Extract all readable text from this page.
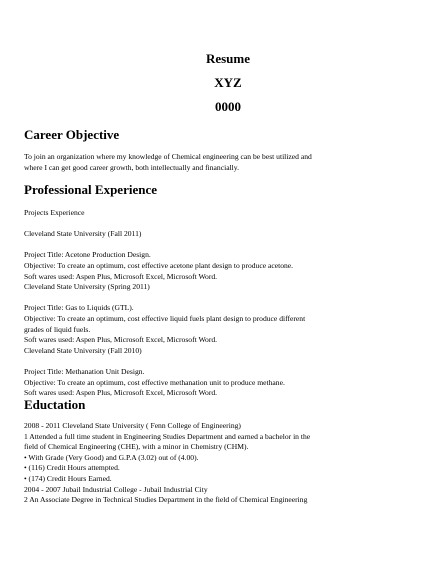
Resume
XYZ
0000
Career Objective
To join an organization where my knowledge of Chemical engineering can be best utilized and
where I can get good career growth, both intellectually and financially.
Professional Experience
Projects Experience
Cleveland State University (Fall 2011)
Project Title: Acetone Production Design.
Objective: To create an optimum, cost effective acetone plant design to produce acetone.
Soft wares used: Aspen Plus, Microsoft Excel, Microsoft Word.
Cleveland State University (Spring 2011)
Project Title: Gas to Liquids (GTL).
Objective: To create an optimum, cost effective liquid fuels plant design to produce different
grades of liquid fuels.
Soft wares used: Aspen Plus, Microsoft Excel, Microsoft Word.
Cleveland State University (Fall 2010)
Project Title: Methanation Unit Design.
Objective: To create an optimum, cost effective methanation unit to produce methane.
Soft wares used: Aspen Plus, Microsoft Excel, Microsoft Word.
Eductation
2008 - 2011 Cleveland State University ( Fenn College of Engineering)
1 Attended a full time student in Engineering Studies Department and earned a bachelor in the
field of Chemical Engineering (CHE), with a minor in Chemistry (CHM).
• With Grade (Very Good) and G.P.A (3.02) out of (4.00).
• (116) Credit Hours attempted.
• (174) Credit Hours Earned.
2004 - 2007 Jubail Industrial College - Jubail Industrial City
2 An Associate Degree in Technical Studies Department in the field of Chemical Engineering
